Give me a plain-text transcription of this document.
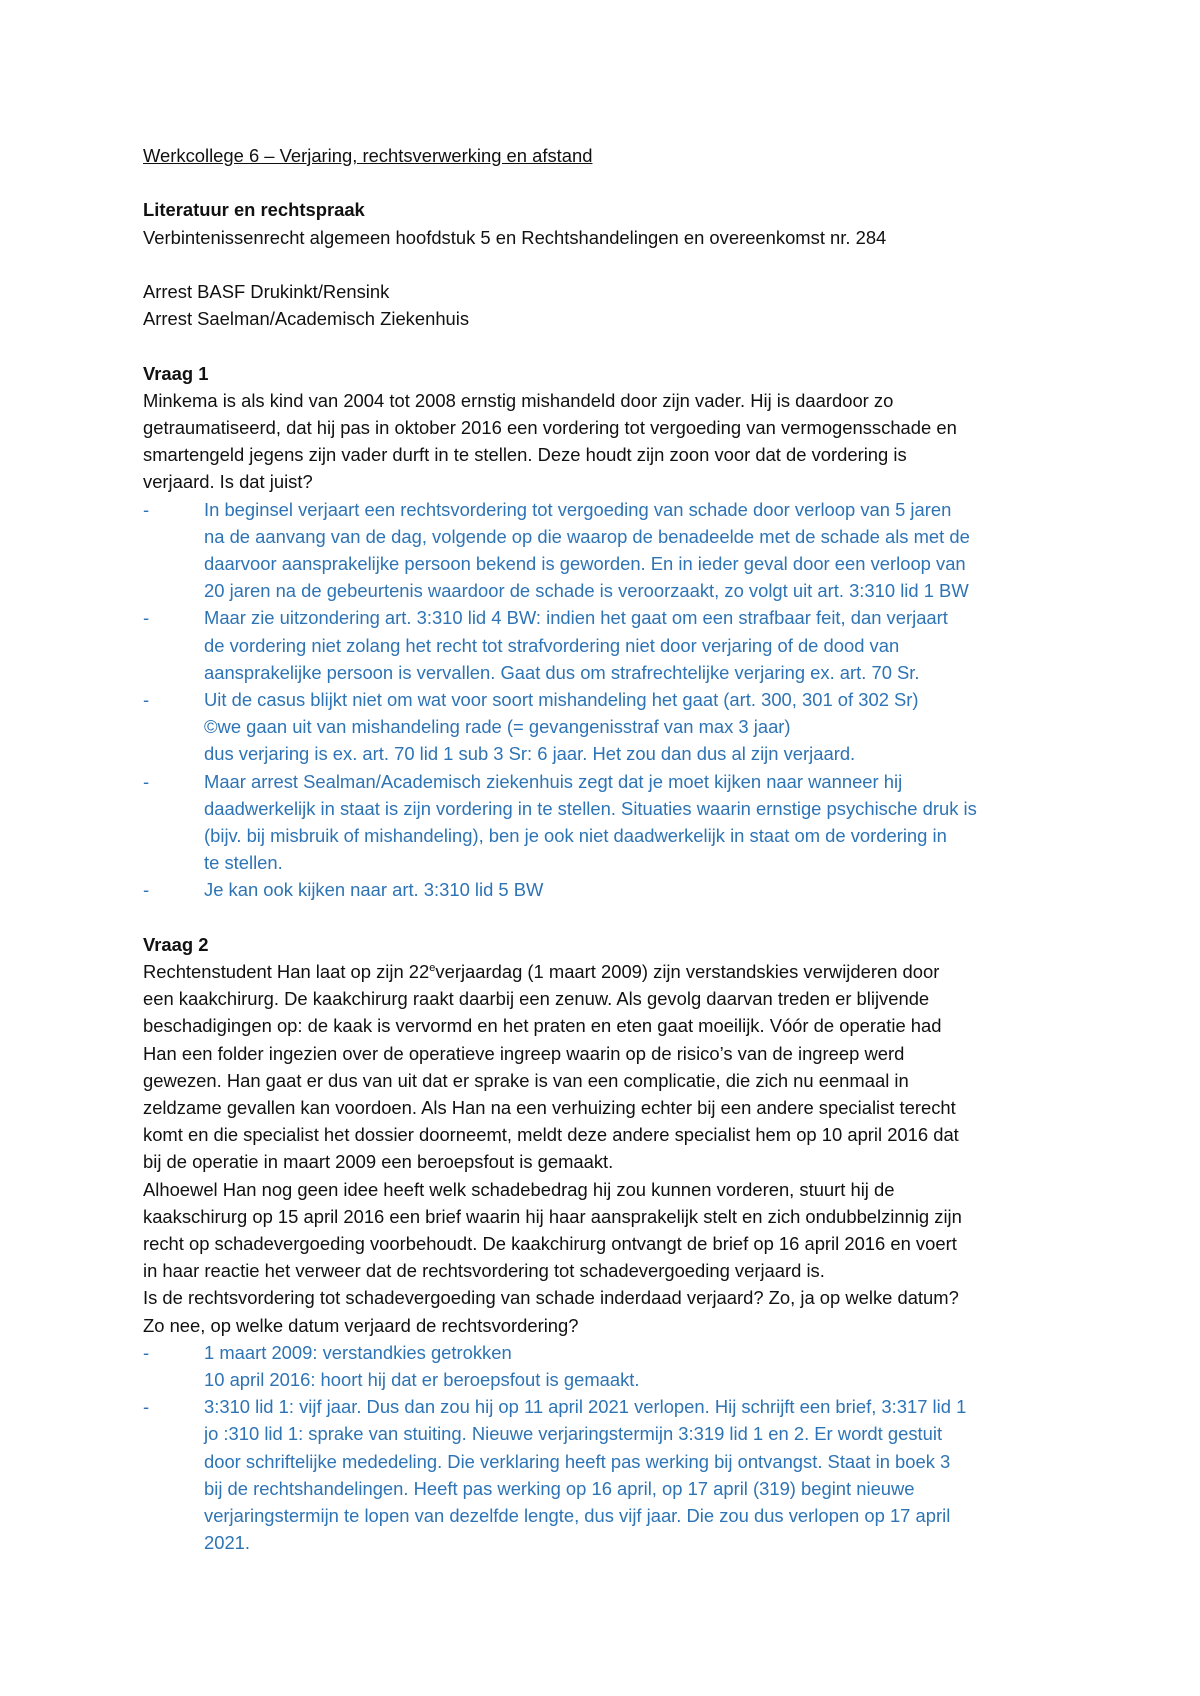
Werkcollege 6 – Verjaring, rechtsverwerking en afstand

Literatuur en rechtspraak

Verbintenissenrecht algemeen hoofdstuk 5 en Rechtshandelingen en overeenkomst nr. 284

Arrest BASF Drukinkt/Rensink

Arrest Saelman/Academisch Ziekenhuis

Vraag 1

Minkema is als kind van 2004 tot 2008 ernstig mishandeld door zijn vader. Hij is daardoor zo
getraumatiseerd, dat hij pas in oktober 2016 een vordering tot vergoeding van vermogensschade en
smartengeld jegens zijn vader durft in te stellen. Deze houdt zijn zoon voor dat de vordering is
verjaard. Is dat juist?

-	In beginsel verjaart een rechtsvordering tot vergoeding van schade door verloop van 5 jaren
na de aanvang van de dag, volgende op die waarop de benadeelde met de schade als met de
daarvoor aansprakelijke persoon bekend is geworden. En in ieder geval door een verloop van
20 jaren na de gebeurtenis waardoor de schade is veroorzaakt, zo volgt uit art. 3:310 lid 1 BW
-	Maar zie uitzondering art. 3:310 lid 4 BW: indien het gaat om een strafbaar feit, dan verjaart
de vordering niet zolang het recht tot strafvordering niet door verjaring of de dood van
aansprakelijke persoon is vervallen. Gaat dus om strafrechtelijke verjaring ex. art. 70 Sr.
-	Uit de casus blijkt niet om wat voor soort mishandeling het gaat (art. 300, 301 of 302 Sr)
©we gaan uit van mishandeling rade (= gevangenisstraf van max 3 jaar)
dus verjaring is ex. art. 70 lid 1 sub 3 Sr: 6 jaar. Het zou dan dus al zijn verjaard.
-	Maar arrest Sealman/Academisch ziekenhuis zegt dat je moet kijken naar wanneer hij
daadwerkelijk in staat is zijn vordering in te stellen. Situaties waarin ernstige psychische druk is
(bijv. bij misbruik of mishandeling), ben je ook niet daadwerkelijk in staat om de vordering in
te stellen.
-	Je kan ook kijken naar art. 3:310 lid 5 BW

Vraag 2

Rechtenstudent Han laat op zijn 22everjaardag (1 maart 2009) zijn verstandskies verwijderen door
een kaakchirurg. De kaakchirurg raakt daarbij een zenuw. Als gevolg daarvan treden er blijvende
beschadigingen op: de kaak is vervormd en het praten en eten gaat moeilijk. Vóór de operatie had
Han een folder ingezien over de operatieve ingreep waarin op de risico’s van de ingreep werd
gewezen. Han gaat er dus van uit dat er sprake is van een complicatie, die zich nu eenmaal in
zeldzame gevallen kan voordoen. Als Han na een verhuizing echter bij een andere specialist terecht
komt en die specialist het dossier doorneemt, meldt deze andere specialist hem op 10 april 2016 dat
bij de operatie in maart 2009 een beroepsfout is gemaakt.
Alhoewel Han nog geen idee heeft welk schadebedrag hij zou kunnen vorderen, stuurt hij de
kaakschirurg op 15 april 2016 een brief waarin hij haar aansprakelijk stelt en zich ondubbelzinnig zijn
recht op schadevergoeding voorbehoudt. De kaakchirurg ontvangt de brief op 16 april 2016 en voert
in haar reactie het verweer dat de rechtsvordering tot schadevergoeding verjaard is.
Is de rechtsvordering tot schadevergoeding van schade inderdaad verjaard? Zo, ja op welke datum?
Zo nee, op welke datum verjaard de rechtsvordering?

-	1 maart 2009: verstandkies getrokken
10 april 2016: hoort hij dat er beroepsfout is gemaakt.
-	3:310 lid 1: vijf jaar. Dus dan zou hij op 11 april 2021 verlopen. Hij schrijft een brief, 3:317 lid 1
jo :310 lid 1: sprake van stuiting. Nieuwe verjaringstermijn 3:319 lid 1 en 2. Er wordt gestuit
door schriftelijke mededeling. Die verklaring heeft pas werking bij ontvangst. Staat in boek 3
bij de rechtshandelingen. Heeft pas werking op 16 april, op 17 april (319) begint nieuwe
verjaringstermijn te lopen van dezelfde lengte, dus vijf jaar. Die zou dus verlopen op 17 april
2021.
